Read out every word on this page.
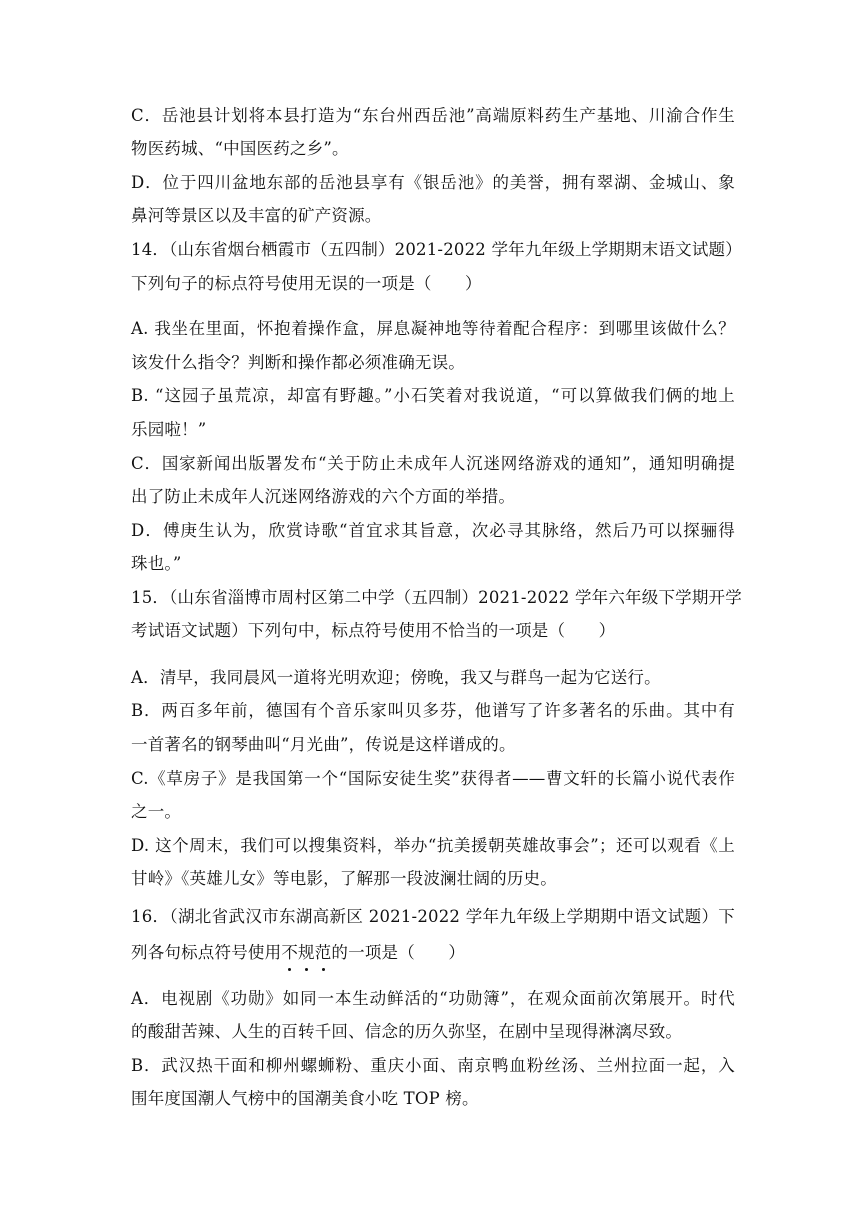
C．岳池县计划将本县打造为“东台州西岳池”高端原料药生产基地、川渝合作生
物医药城、“中国医药之乡”。
D．位于四川盆地东部的岳池县享有《银岳池》的美誉，拥有翠湖、金城山、象
鼻河等景区以及丰富的矿产资源。
14．（山东省烟台栖霞市（五四制）2021-2022 学年九年级上学期期末语文试题）
下列句子的标点符号使用无误的一项是（　　）
A. 我坐在里面，怀抱着操作盒，屏息凝神地等待着配合程序：到哪里该做什么？
该发什么指令？判断和操作都必须准确无误。
B. “这园子虽荒凉，却富有野趣。”小石笑着对我说道，“可以算做我们俩的地上
乐园啦！”
C．国家新闻出版署发布“关于防止未成年人沉迷网络游戏的通知”，通知明确提
出了防止未成年人沉迷网络游戏的六个方面的举措。
D．傅庚生认为，欣赏诗歌“首宜求其旨意，次必寻其脉络，然后乃可以探骊得
珠也。”
15．（山东省淄博市周村区第二中学（五四制）2021-2022 学年六年级下学期开学
考试语文试题）下列句中，标点符号使用不恰当的一项是（　　）
A．清早，我同晨风一道将光明欢迎；傍晚，我又与群鸟一起为它送行。
B．两百多年前，德国有个音乐家叫贝多芬，他谱写了许多著名的乐曲。其中有
一首著名的钢琴曲叫“月光曲”，传说是这样谱成的。
C.《草房子》是我国第一个“国际安徒生奖”获得者——曹文轩的长篇小说代表作
之一。
D. 这个周末，我们可以搜集资料，举办“抗美援朝英雄故事会”；还可以观看《上
甘岭》《英雄儿女》等电影，了解那一段波澜壮阔的历史。
16．（湖北省武汉市东湖高新区 2021-2022 学年九年级上学期期中语文试题）下
列各句标点符号使用不规范的一项是（　　）
A．电视剧《功勋》如同一本生动鲜活的“功勋簿”，在观众面前次第展开。时代
的酸甜苦辣、人生的百转千回、信念的历久弥坚，在剧中呈现得淋漓尽致。
B．武汉热干面和柳州螺蛳粉、重庆小面、南京鸭血粉丝汤、兰州拉面一起，入
围年度国潮人气榜中的国潮美食小吃 TOP 榜。
